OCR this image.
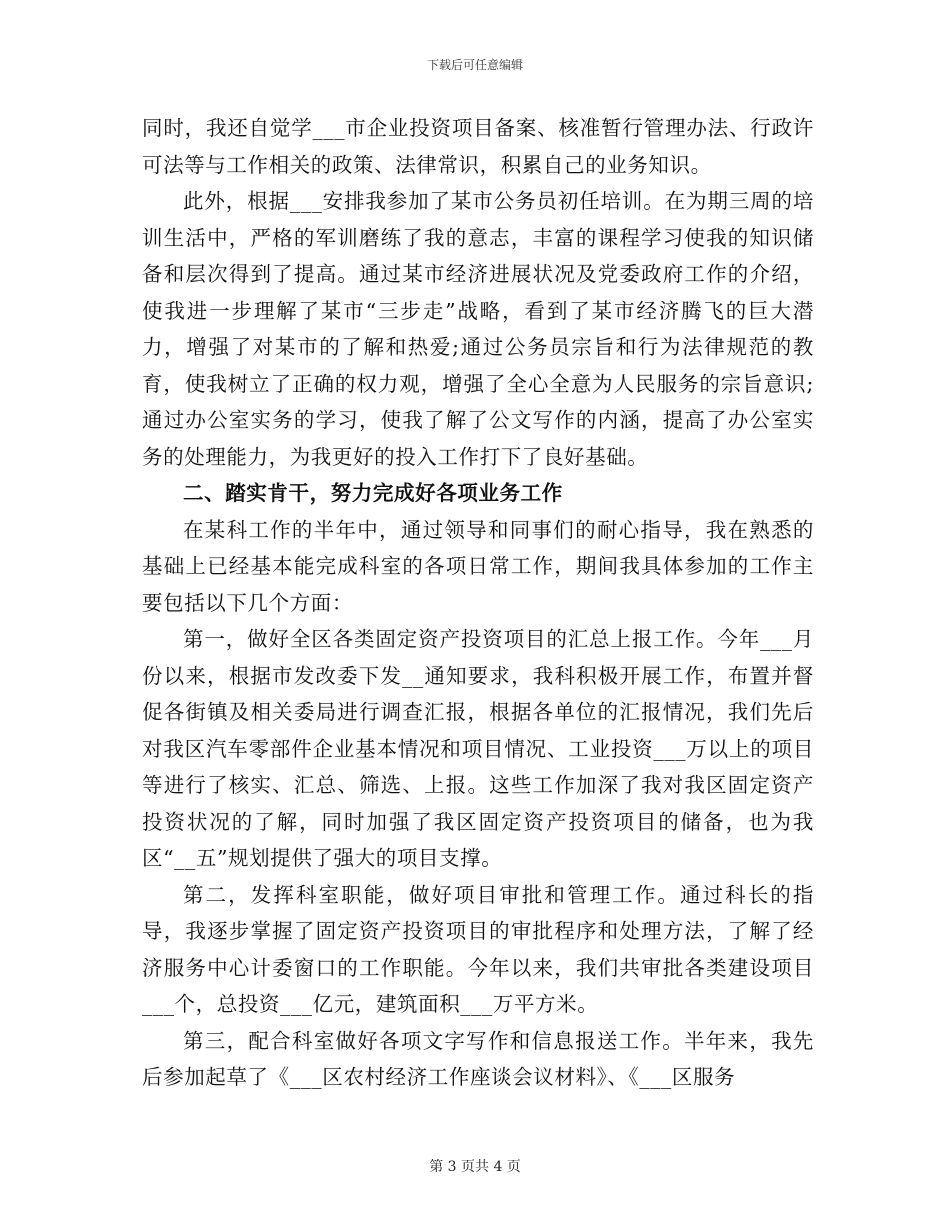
下载后可任意编辑

同时，我还自觉学___市企业投资项目备案、核准暂行管理办法、行政许可法等与工作相关的政策、法律常识，积累自己的业务知识。

此外，根据___安排我参加了某市公务员初任培训。在为期三周的培训生活中，严格的军训磨练了我的意志，丰富的课程学习使我的知识储备和层次得到了提高。通过某市经济进展状况及党委政府工作的介绍，使我进一步理解了某市“三步走”战略，看到了某市经济腾飞的巨大潜力，增强了对某市的了解和热爱;通过公务员宗旨和行为法律规范的教育，使我树立了正确的权力观，增强了全心全意为人民服务的宗旨意识;通过办公室实务的学习，使我了解了公文写作的内涵，提高了办公室实务的处理能力，为我更好的投入工作打下了良好基础。

二、踏实肯干，努力完成好各项业务工作

在某科工作的半年中，通过领导和同事们的耐心指导，我在熟悉的基础上已经基本能完成科室的各项日常工作，期间我具体参加的工作主要包括以下几个方面：

第一，做好全区各类固定资产投资项目的汇总上报工作。今年___月份以来，根据市发改委下发__通知要求，我科积极开展工作，布置并督促各街镇及相关委局进行调查汇报，根据各单位的汇报情况，我们先后对我区汽车零部件企业基本情况和项目情况、工业投资___万以上的项目等进行了核实、汇总、筛选、上报。这些工作加深了我对我区固定资产投资状况的了解，同时加强了我区固定资产投资项目的储备，也为我区“__五”规划提供了强大的项目支撑。

第二，发挥科室职能，做好项目审批和管理工作。通过科长的指导，我逐步掌握了固定资产投资项目的审批程序和处理方法，了解了经济服务中心计委窗口的工作职能。今年以来，我们共审批各类建设项目___个，总投资___亿元，建筑面积___万平方米。

第三，配合科室做好各项文字写作和信息报送工作。半年来，我先后参加起草了《___区农村经济工作座谈会议材料》、《___区服务

第 3 页共 4 页
